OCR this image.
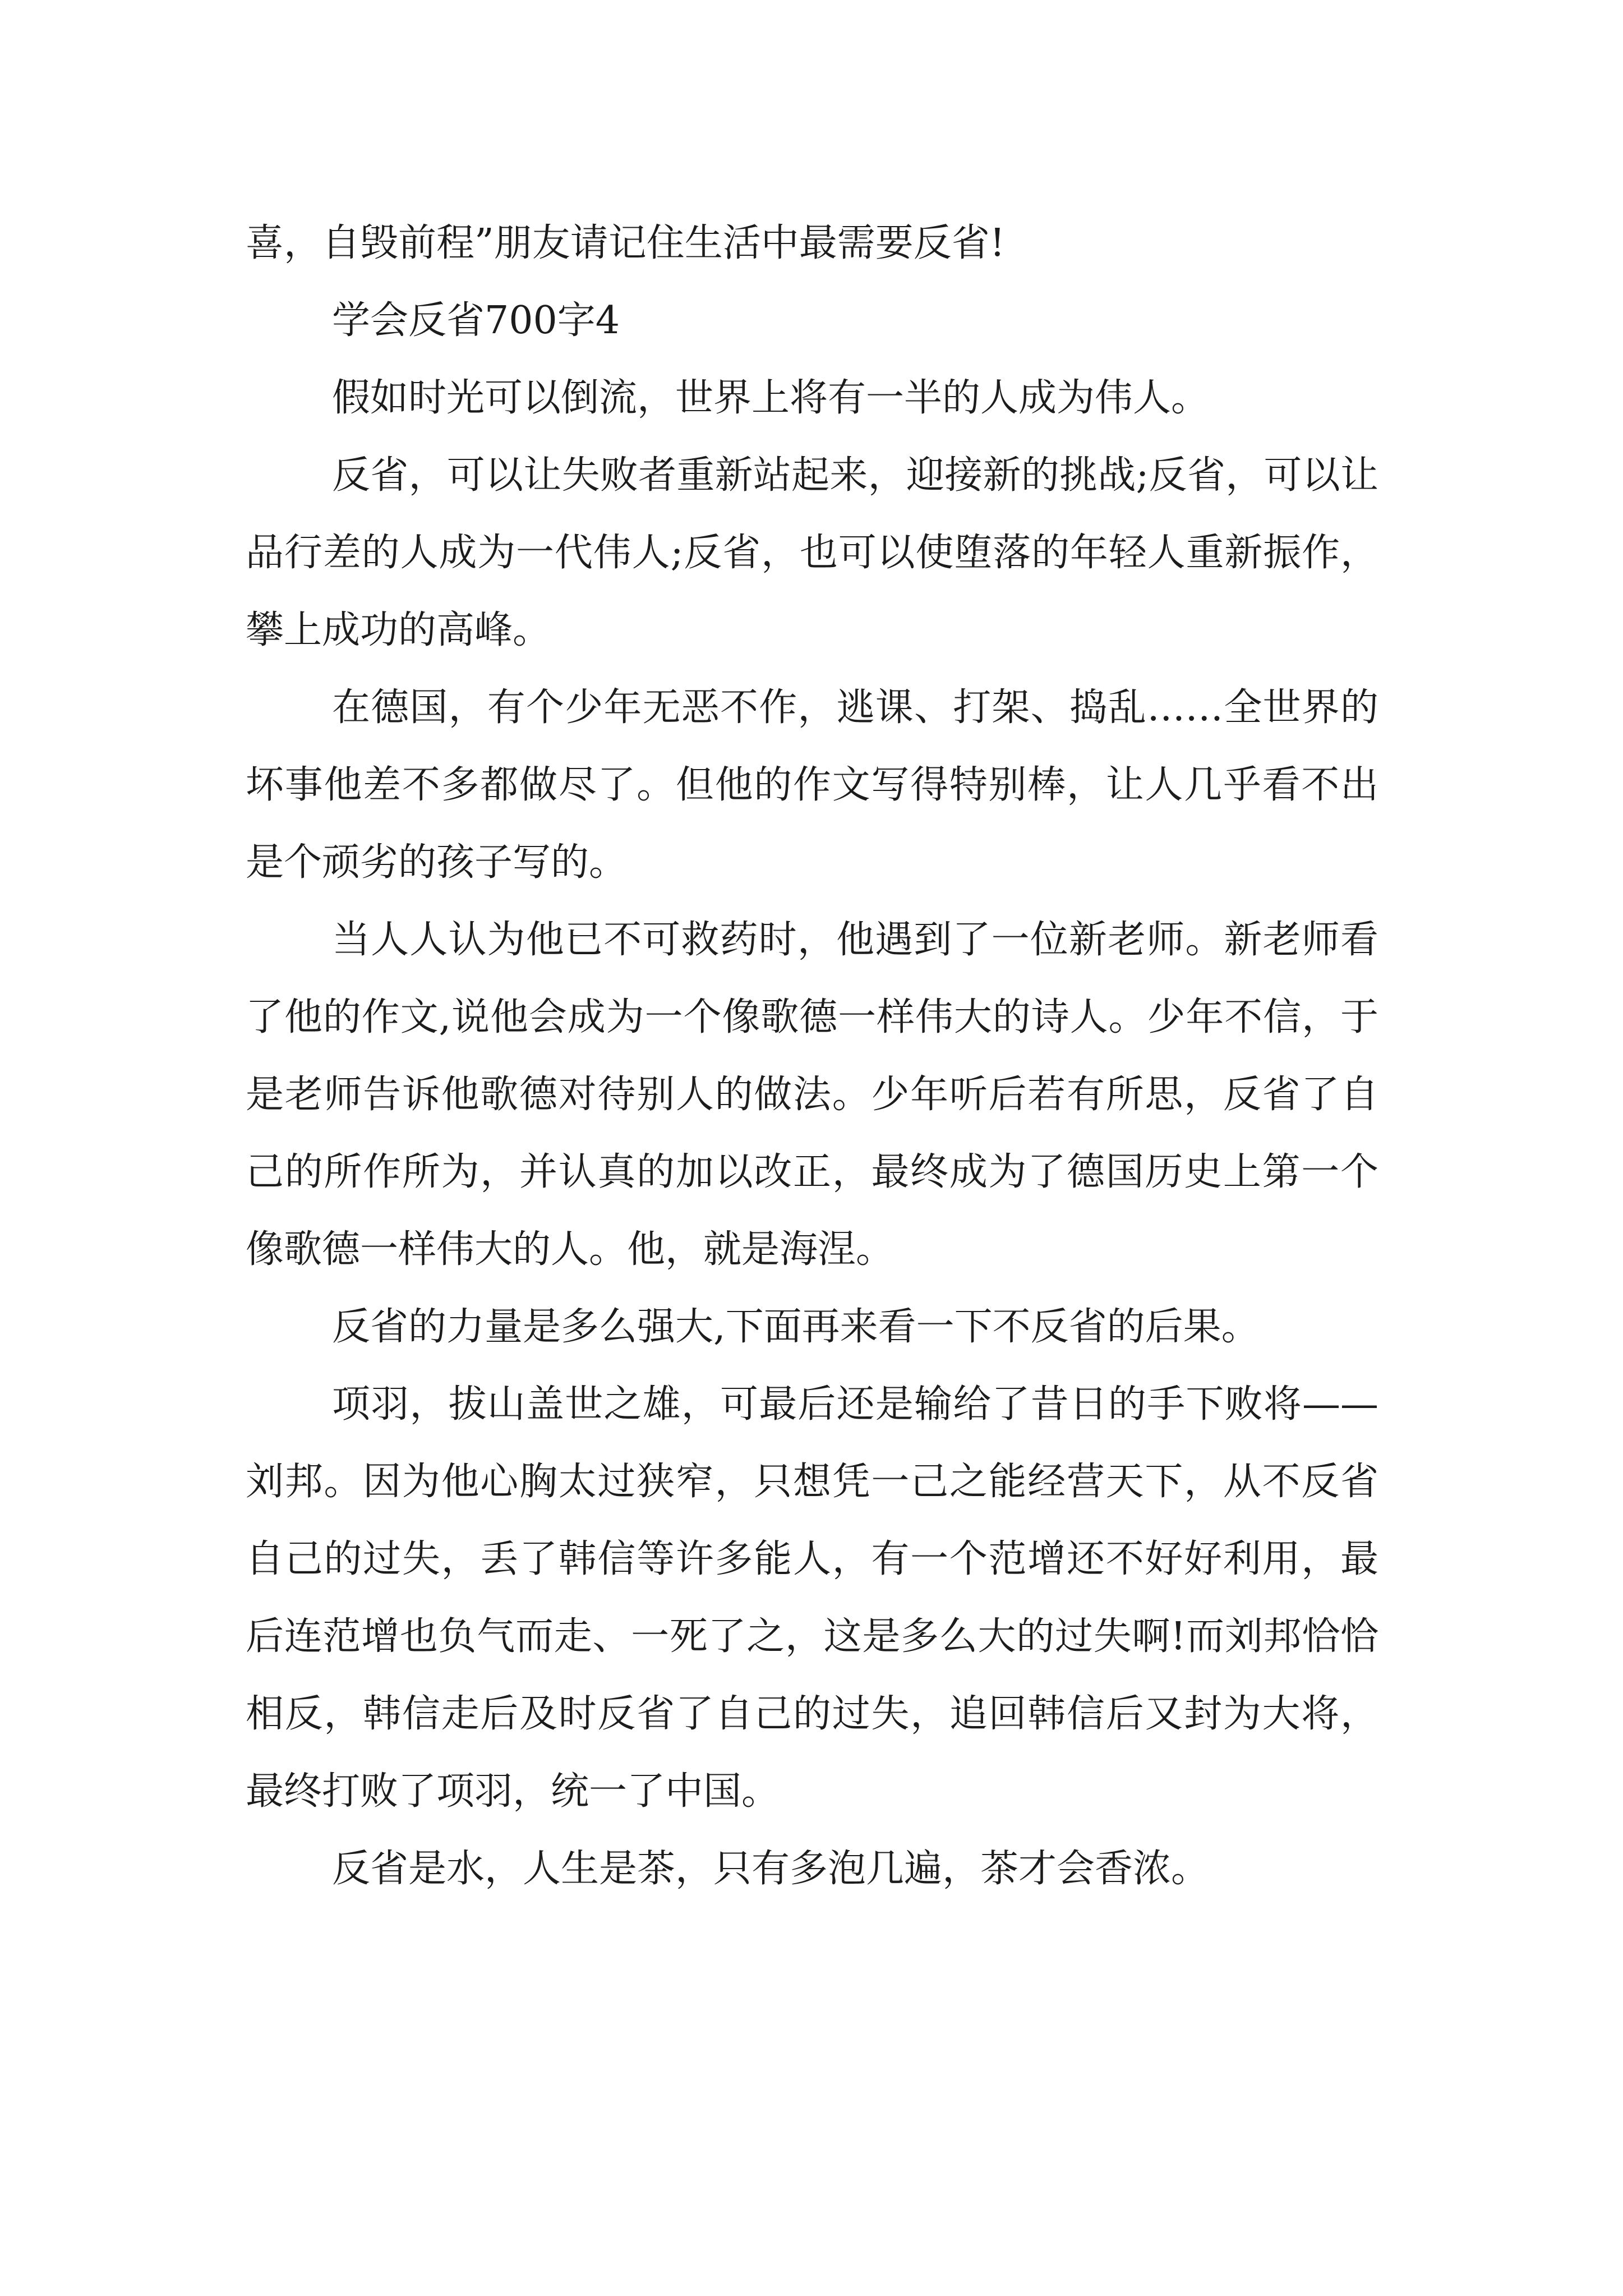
喜，自毁前程”朋友请记住生活中最需要反省!

学会反省700字4

假如时光可以倒流，世界上将有一半的人成为伟人。

反省，可以让失败者重新站起来，迎接新的挑战;反省，可以让品行差的人成为一代伟人;反省，也可以使堕落的年轻人重新振作，攀上成功的高峰。

在德国，有个少年无恶不作，逃课、打架、捣乱……全世界的坏事他差不多都做尽了。但他的作文写得特别棒，让人几乎看不出是个顽劣的孩子写的。

当人人认为他已不可救药时，他遇到了一位新老师。新老师看了他的作文,说他会成为一个像歌德一样伟大的诗人。少年不信，于是老师告诉他歌德对待别人的做法。少年听后若有所思，反省了自己的所作所为，并认真的加以改正，最终成为了德国历史上第一个像歌德一样伟大的人。他，就是海涅。

反省的力量是多么强大,下面再来看一下不反省的后果。

项羽，拔山盖世之雄，可最后还是输给了昔日的手下败将——刘邦。因为他心胸太过狭窄，只想凭一己之能经营天下，从不反省自己的过失，丢了韩信等许多能人，有一个范增还不好好利用，最后连范增也负气而走、一死了之，这是多么大的过失啊!而刘邦恰恰相反，韩信走后及时反省了自己的过失，追回韩信后又封为大将，最终打败了项羽，统一了中国。

反省是水，人生是茶，只有多泡几遍，茶才会香浓。
